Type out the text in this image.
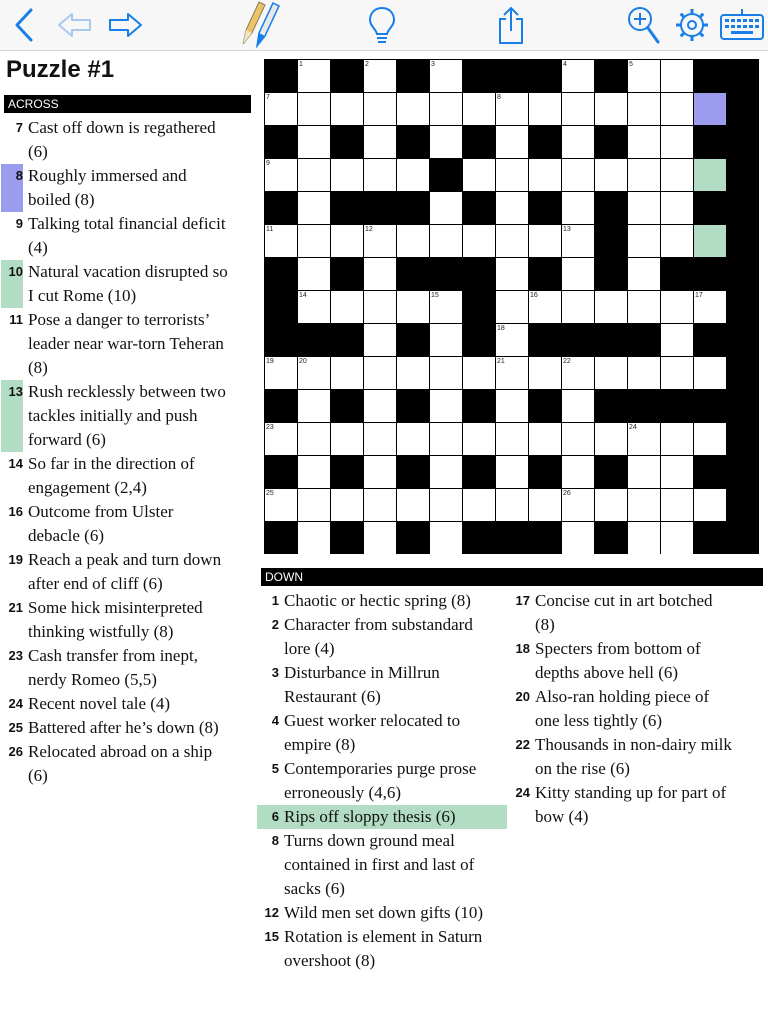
Puzzle #1
ACROSS
7 Cast off down is regathered
(6)
8 Roughly immersed and
boiled (8)
9 Talking total financial deficit
(4)
10 Natural vacation disrupted so
I cut Rome (10)
11 Pose a danger to terrorists’
leader near war-torn Teheran
(8)
13 Rush recklessly between two
tackles initially and push
forward (6)
14 So far in the direction of
engagement (2,4)
16 Outcome from Ulster
debacle (6)
19 Reach a peak and turn down
after end of cliff (6)
21 Some hick misinterpreted
thinking wistfully (8)
23 Cash transfer from inept,
nerdy Romeo (5,5)
24 Recent novel tale (4)
25 Battered after he’s down (8)
26 Relocated abroad on a ship
(6)
1	2	3	4	5
7	8
9
11	12	13
14	15	16	17
18
19	20	21	22
23	24
25	26
DOWN
1 Chaotic or hectic spring (8)
2 Character from substandard
lore (4)
3 Disturbance in Millrun
Restaurant (6)
4 Guest worker relocated to
empire (8)
5 Contemporaries purge prose
erroneously (4,6)
6 Rips off sloppy thesis (6)
8 Turns down ground meal
contained in first and last of
sacks (6)
12 Wild men set down gifts (10)
15 Rotation is element in Saturn
overshoot (8)
17 Concise cut in art botched
(8)
18 Specters from bottom of
depths above hell (6)
20 Also-ran holding piece of
one less tightly (6)
22 Thousands in non-dairy milk
on the rise (6)
24 Kitty standing up for part of
bow (4)
